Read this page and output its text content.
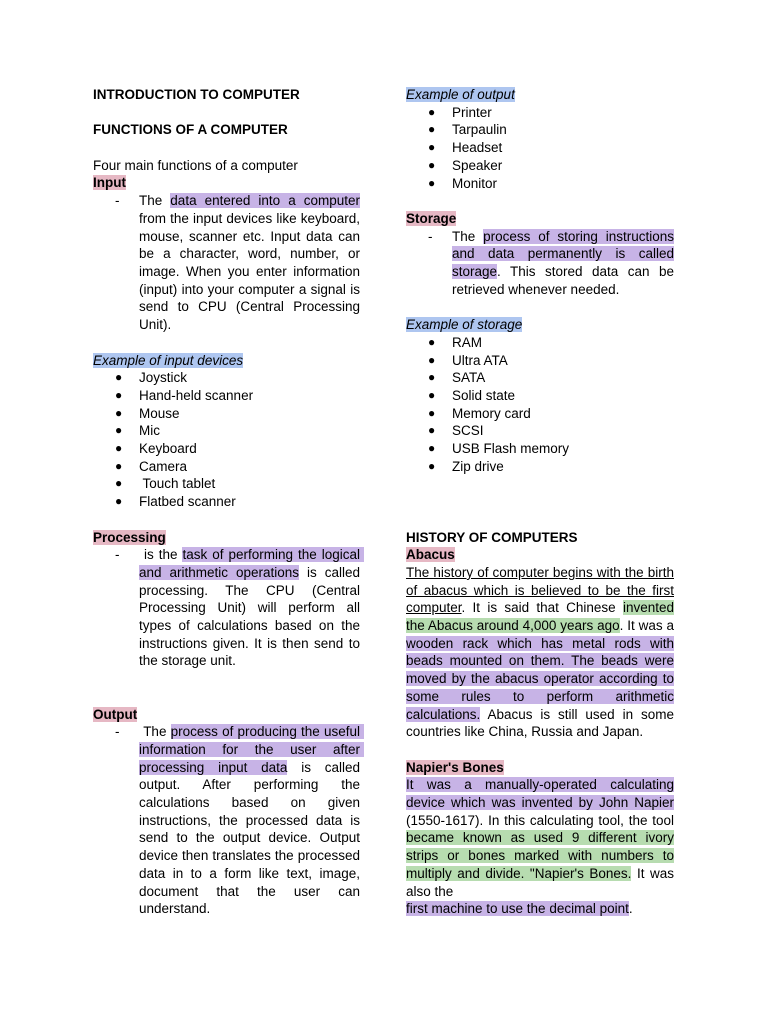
INTRODUCTION TO COMPUTER

FUNCTIONS OF A COMPUTER

Four main functions of a computer

Input

-	The data entered into a computer from the input devices like keyboard, mouse, scanner etc. Input data can be a character, word, number, or image. When you enter information (input) into your computer a signal is send to CPU (Central Processing Unit).

Example of input devices

●	Joystick
●	Hand-held scanner
●	Mouse
●	Mic
●	Keyboard
●	Camera
●	Touch tablet
●	Flatbed scanner

Processing

-	is the task of performing the logical and arithmetic operations is called processing. The CPU (Central Processing Unit) will perform all types of calculations based on the instructions given. It is then send to the storage unit.

Output

-	The process of producing the useful information for the user after processing input data is called output. After performing the calculations based on given instructions, the processed data is send to the output device. Output device then translates the processed data in to a form like text, image, document that the user can understand.

Example of output

●	Printer
●	Tarpaulin
●	Headset
●	Speaker
●	Monitor

Storage

-	The process of storing instructions and data permanently is called storage. This stored data can be retrieved whenever needed.

Example of storage

●	RAM
●	Ultra ATA
●	SATA
●	Solid state
●	Memory card
●	SCSI
●	USB Flash memory
●	Zip drive

HISTORY OF COMPUTERS

Abacus

The history of computer begins with the birth of abacus which is believed to be the first computer. It is said that Chinese invented the Abacus around 4,000 years ago. It was a wooden rack which has metal rods with beads mounted on them. The beads were moved by the abacus operator according to some rules to perform arithmetic calculations. Abacus is still used in some countries like China, Russia and Japan.

Napier's Bones

It was a manually-operated calculating device which was invented by John Napier (1550-1617). In this calculating tool, the tool became known as used 9 different ivory strips or bones marked with numbers to multiply and divide. "Napier's Bones. It was also the

first machine to use the decimal point.
